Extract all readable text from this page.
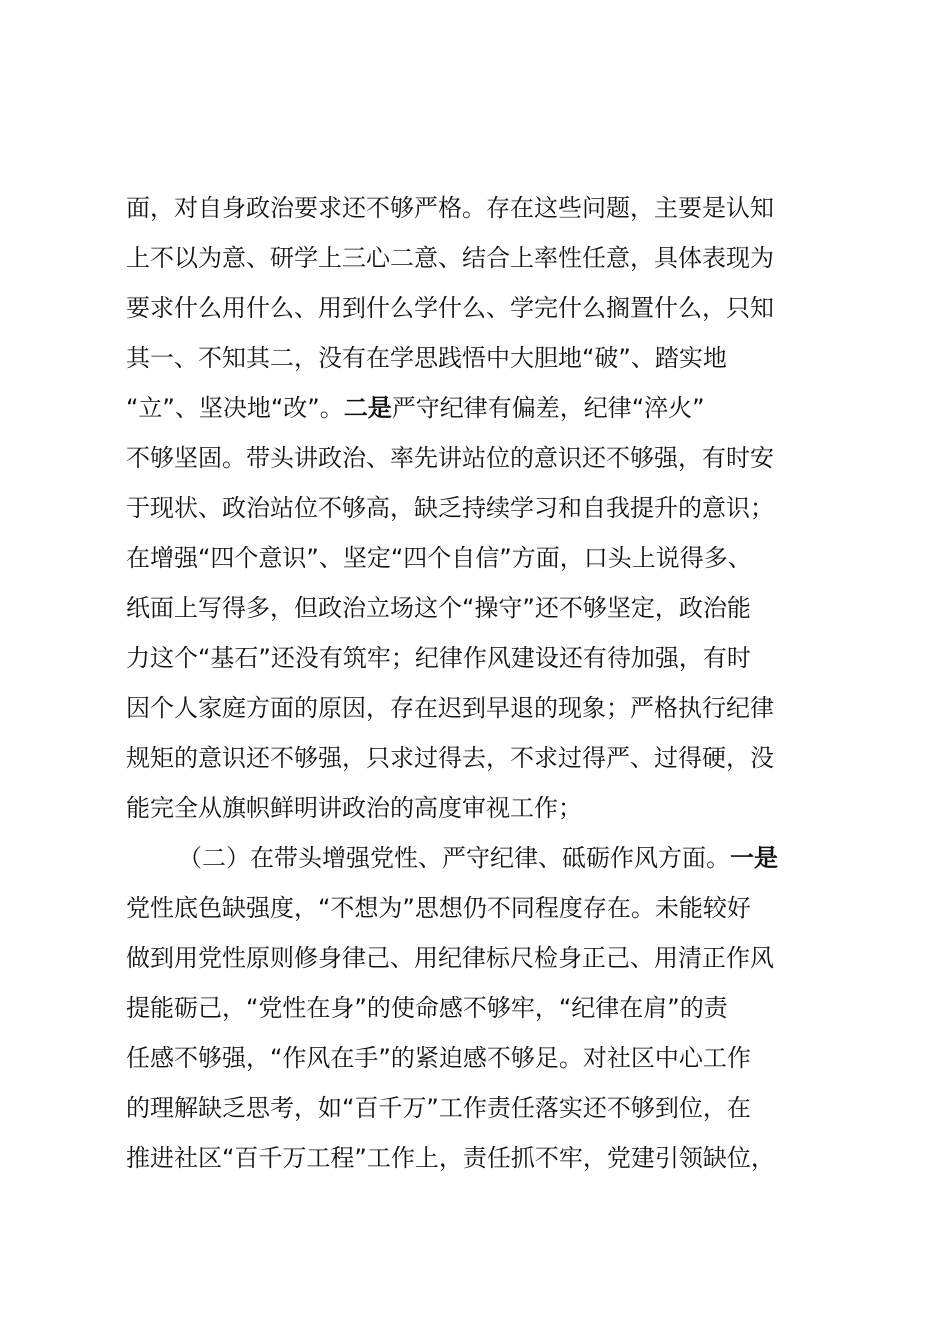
面，对自身政治要求还不够严格。存在这些问题，主要是认知
上不以为意、研学上三心二意、结合上率性任意，具体表现为
要求什么用什么、用到什么学什么、学完什么搁置什么，只知
其一、不知其二，没有在学思践悟中大胆地“破”、踏实地
“立”、坚决地“改”。二是严守纪律有偏差，纪律“淬火”
不够坚固。带头讲政治、率先讲站位的意识还不够强，有时安
于现状、政治站位不够高，缺乏持续学习和自我提升的意识；
在增强“四个意识”、坚定“四个自信”方面，口头上说得多、
纸面上写得多，但政治立场这个“操守”还不够坚定，政治能
力这个“基石”还没有筑牢；纪律作风建设还有待加强，有时
因个人家庭方面的原因，存在迟到早退的现象；严格执行纪律
规矩的意识还不够强，只求过得去，不求过得严、过得硬，没
能完全从旗帜鲜明讲政治的高度审视工作；
（二）在带头增强党性、严守纪律、砥砺作风方面。一是
党性底色缺强度，“不想为”思想仍不同程度存在。未能较好
做到用党性原则修身律己、用纪律标尺检身正己、用清正作风
提能砺己，“党性在身”的使命感不够牢，“纪律在肩”的责
任感不够强，“作风在手”的紧迫感不够足。对社区中心工作
的理解缺乏思考，如“百千万”工作责任落实还不够到位，在
推进社区“百千万工程”工作上，责任抓不牢，党建引领缺位，
